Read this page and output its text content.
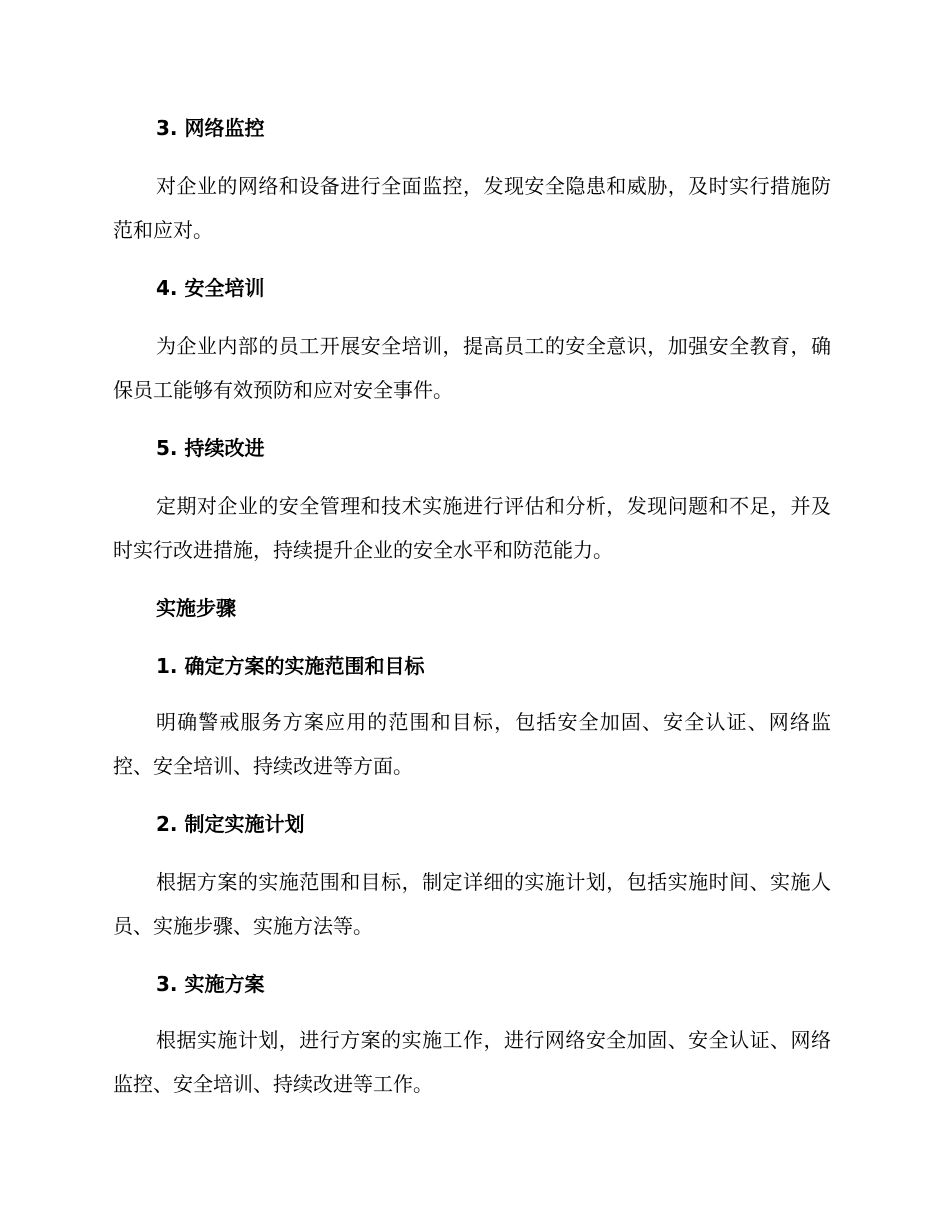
3. 网络监控

对企业的网络和设备进行全面监控，发现安全隐患和威胁，及时实行措施防范和应对。

4. 安全培训

为企业内部的员工开展安全培训，提高员工的安全意识，加强安全教育，确保员工能够有效预防和应对安全事件。

5. 持续改进

定期对企业的安全管理和技术实施进行评估和分析，发现问题和不足，并及时实行改进措施，持续提升企业的安全水平和防范能力。

实施步骤
1. 确定方案的实施范围和目标

明确警戒服务方案应用的范围和目标，包括安全加固、安全认证、网络监控、安全培训、持续改进等方面。

2. 制定实施计划

根据方案的实施范围和目标，制定详细的实施计划，包括实施时间、实施人员、实施步骤、实施方法等。

3. 实施方案

根据实施计划，进行方案的实施工作，进行网络安全加固、安全认证、网络监控、安全培训、持续改进等工作。
